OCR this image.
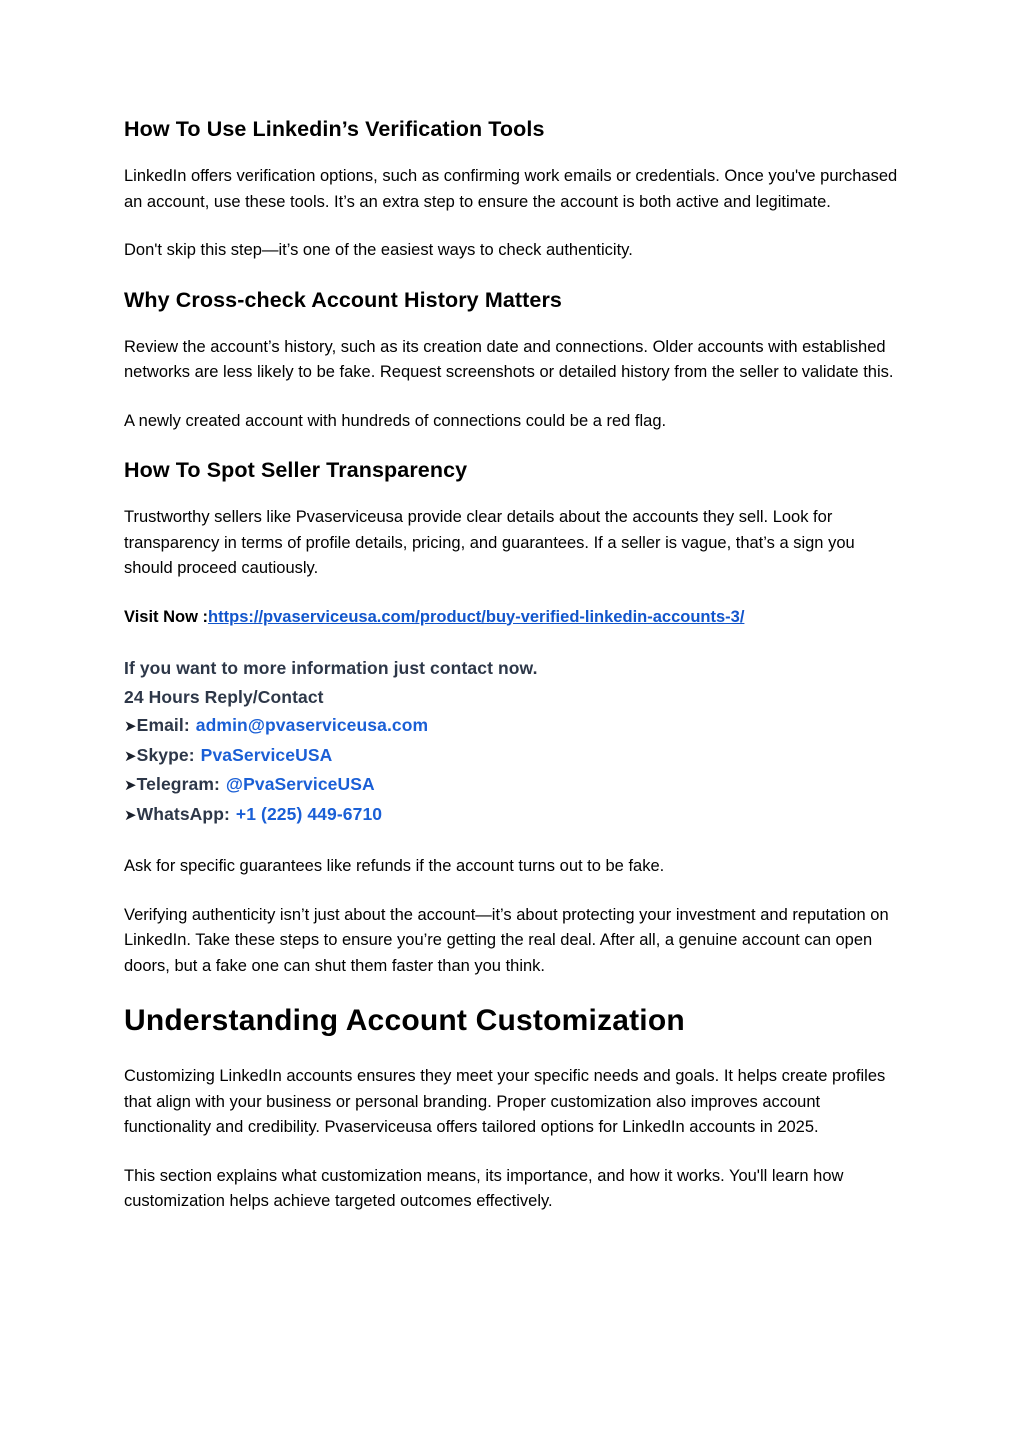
How To Use Linkedin’s Verification Tools

LinkedIn offers verification options, such as confirming work emails or credentials. Once you've purchased an account, use these tools. It’s an extra step to ensure the account is both active and legitimate.

Don't skip this step—it’s one of the easiest ways to check authenticity.

Why Cross-check Account History Matters

Review the account’s history, such as its creation date and connections. Older accounts with established networks are less likely to be fake. Request screenshots or detailed history from the seller to validate this.

A newly created account with hundreds of connections could be a red flag.

How To Spot Seller Transparency

Trustworthy sellers like Pvaserviceusa provide clear details about the accounts they sell. Look for transparency in terms of profile details, pricing, and guarantees. If a seller is vague, that’s a sign you should proceed cautiously.

Visit Now :https://pvaserviceusa.com/product/buy-verified-linkedin-accounts-3/

If you want to more information just contact now.

24 Hours Reply/Contact

➤Email: admin@pvaserviceusa.com

➤Skype: PvaServiceUSA

➤Telegram: @PvaServiceUSA

➤WhatsApp: +1 (225) 449-6710

Ask for specific guarantees like refunds if the account turns out to be fake.

Verifying authenticity isn’t just about the account—it’s about protecting your investment and reputation on LinkedIn. Take these steps to ensure you’re getting the real deal. After all, a genuine account can open doors, but a fake one can shut them faster than you think.

Understanding Account Customization

Customizing LinkedIn accounts ensures they meet your specific needs and goals. It helps create profiles that align with your business or personal branding. Proper customization also improves account functionality and credibility. Pvaserviceusa offers tailored options for LinkedIn accounts in 2025.

This section explains what customization means, its importance, and how it works. You'll learn how customization helps achieve targeted outcomes effectively.
